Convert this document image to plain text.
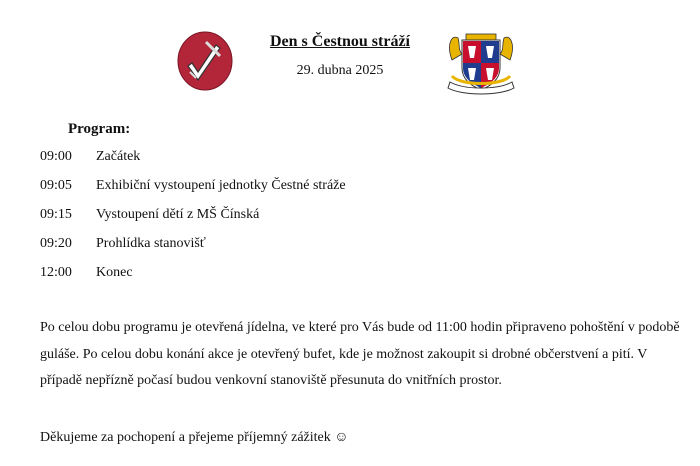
Den s Čestnou stráží
29. dubna 2025
Program:
09:00 Začátek
09:05 Exhibiční vystoupení jednotky Čestné stráže
09:15 Vystoupení dětí z MŠ Čínská
09:20 Prohlídka stanovišť
12:00 Konec
Po celou dobu programu je otevřená jídelna, ve které pro Vás bude od 11:00 hodin připraveno pohoštění v podobě guláše. Po celou dobu konání akce je otevřený bufet, kde je možnost zakoupit si drobné občerstvení a pití. V případě nepřízně počasí budou venkovní stanoviště přesunuta do vnitřních prostor.
Děkujeme za pochopení a přejeme příjemný zážitek ☺
